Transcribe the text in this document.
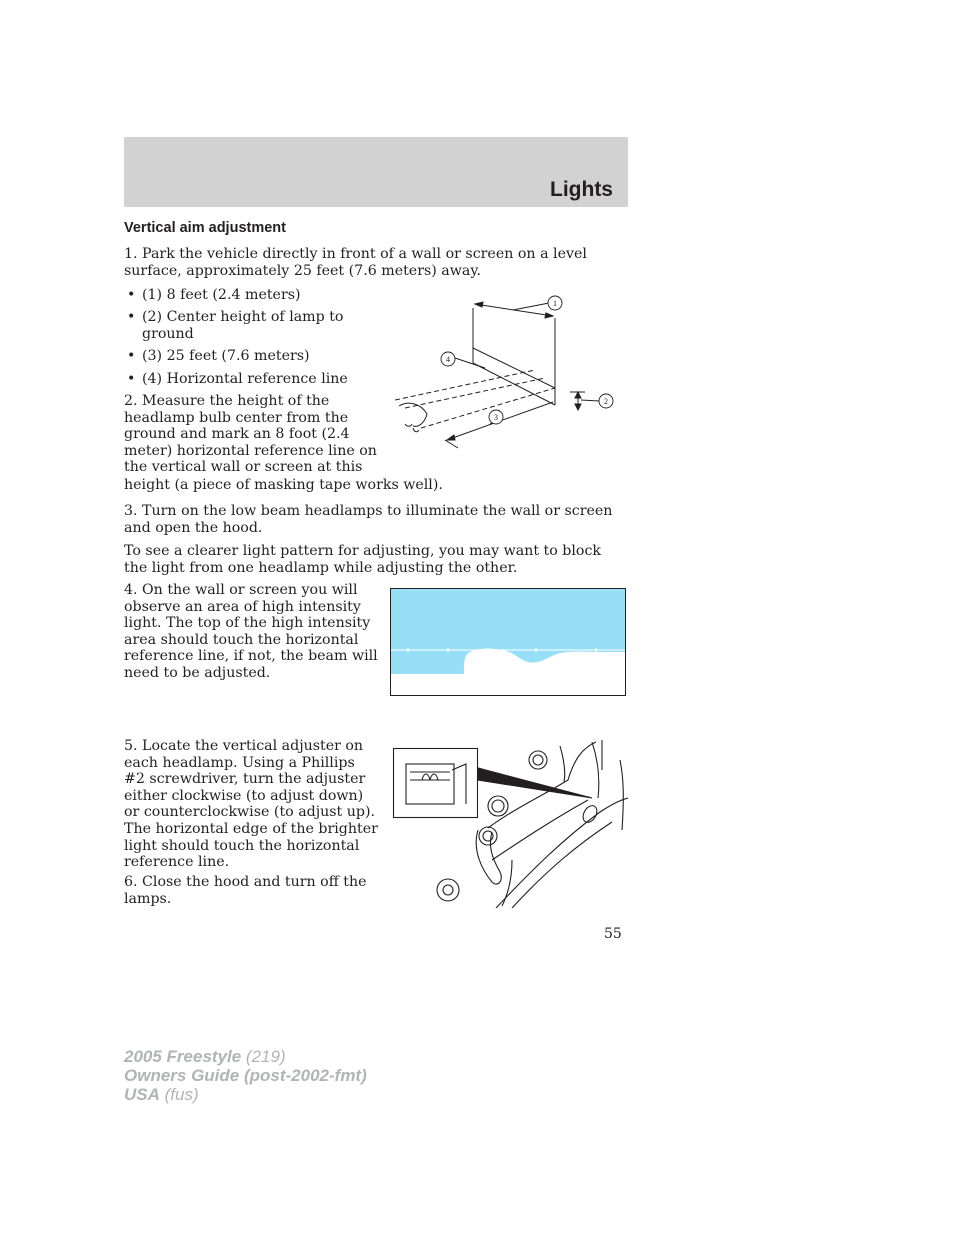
Lights
Vertical aim adjustment

1. Park the vehicle directly in front of a wall or screen on a level surface, approximately 25 feet (7.6 meters) away.

• (1) 8 feet (2.4 meters)
• (2) Center height of lamp to ground
• (3) 25 feet (7.6 meters)
• (4) Horizontal reference line
2. Measure the height of the
headlamp bulb center from the
ground and mark an 8 foot (2.4
meter) horizontal reference line on
the vertical wall or screen at this
height (a piece of masking tape works well).
1
2
3
4

3. Turn on the low beam headlamps to illuminate the wall or screen and open the hood.

To see a clearer light pattern for adjusting, you may want to block the light from one headlamp while adjusting the other.

4. On the wall or screen you will observe an area of high intensity light. The top of the high intensity area should touch the horizontal reference line, if not, the beam will need to be adjusted.

5. Locate the vertical adjuster on each headlamp. Using a Phillips #2 screwdriver, turn the adjuster either clockwise (to adjust down) or counterclockwise (to adjust up). The horizontal edge of the brighter light should touch the horizontal reference line.

6. Close the hood and turn off the lamps.

55
2005 Freestyle (219)
Owners Guide (post-2002-fmt)
USA (fus)
